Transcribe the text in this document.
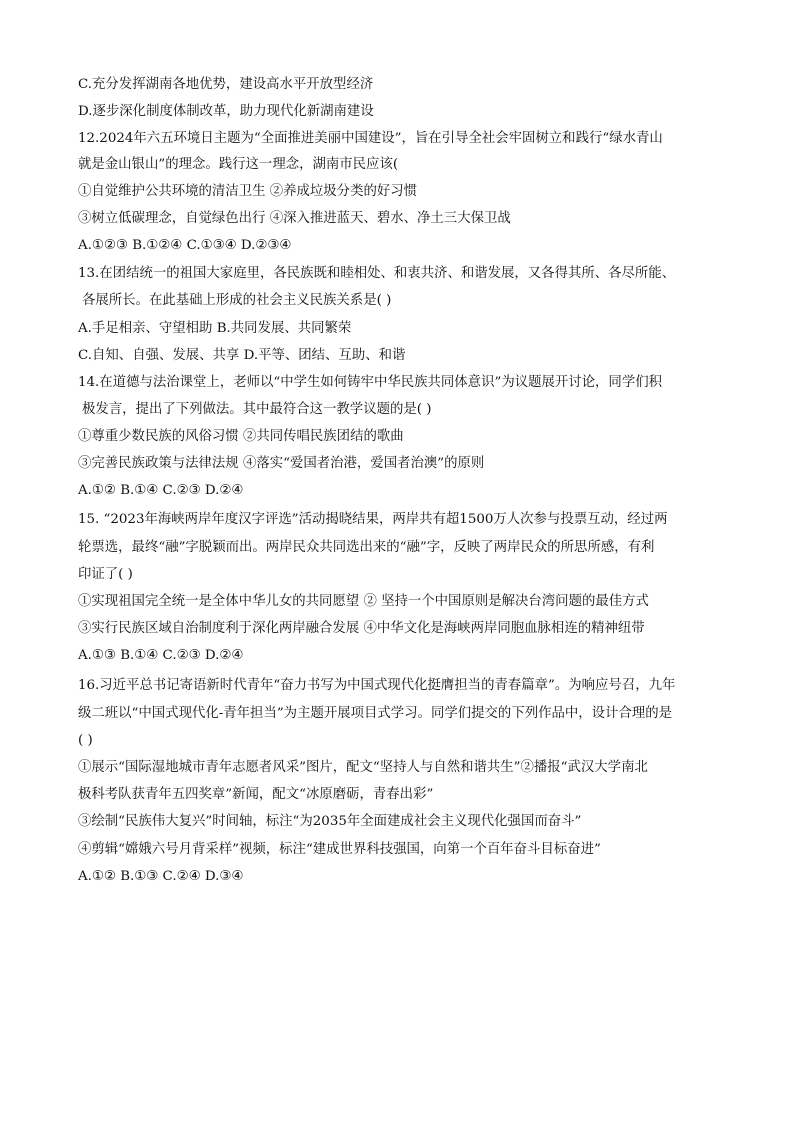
C.充分发挥湖南各地优势，建设高水平开放型经济
D.逐步深化制度体制改革，助力现代化新湖南建设
12.2024年六五环境日主题为“全面推进美丽中国建设”，旨在引导全社会牢固树立和践行“绿水青山
就是金山银山”的理念。践行这一理念，湖南市民应该(
①自觉维护公共环境的清洁卫生 ②养成垃圾分类的好习惯
③树立低碳理念，自觉绿色出行 ④深入推进蓝天、碧水、净土三大保卫战
A.①②③ B.①②④ C.①③④ D.②③④
13.在团结统一的祖国大家庭里，各民族既和睦相处、和衷共济、和谐发展，又各得其所、各尽所能、
各展所长。在此基础上形成的社会主义民族关系是( )
A.手足相亲、守望相助 B.共同发展、共同繁荣
C.自知、自强、发展、共享 D.平等、团结、互助、和谐
14.在道德与法治课堂上，老师以“中学生如何铸牢中华民族共同体意识”为议题展开讨论，同学们积
极发言，提出了下列做法。其中最符合这一教学议题的是( )
①尊重少数民族的风俗习惯 ②共同传唱民族团结的歌曲
③完善民族政策与法律法规 ④落实“爱国者治港，爱国者治澳”的原则
A.①② B.①④ C.②③ D.②④
15. “2023年海峡两岸年度汉字评选”活动揭晓结果，两岸共有超1500万人次参与投票互动，经过两
轮票选，最终“融”字脱颖而出。两岸民众共同选出来的“融”字，反映了两岸民众的所思所感，有利
印证了( )
①实现祖国完全统一是全体中华儿女的共同愿望 ② 坚持一个中国原则是解决台湾问题的最佳方式
③实行民族区域自治制度利于深化两岸融合发展 ④中华文化是海峡两岸同胞血脉相连的精神纽带
A.①③ B.①④ C.②③ D.②④
16.习近平总书记寄语新时代青年“奋力书写为中国式现代化挺膺担当的青春篇章”。为响应号召，九年
级二班以“中国式现代化-青年担当”为主题开展项目式学习。同学们提交的下列作品中，设计合理的是
( )
①展示“国际湿地城市青年志愿者风采”图片，配文“坚持人与自然和谐共生”②播报“武汉大学南北
极科考队获青年五四奖章”新闻，配文“冰原磨砺，青春出彩”
③绘制“民族伟大复兴”时间轴，标注“为2035年全面建成社会主义现代化强国而奋斗”
④剪辑“嫦娥六号月背采样”视频，标注“建成世界科技强国，向第一个百年奋斗目标奋进”
A.①② B.①③ C.②④ D.③④
